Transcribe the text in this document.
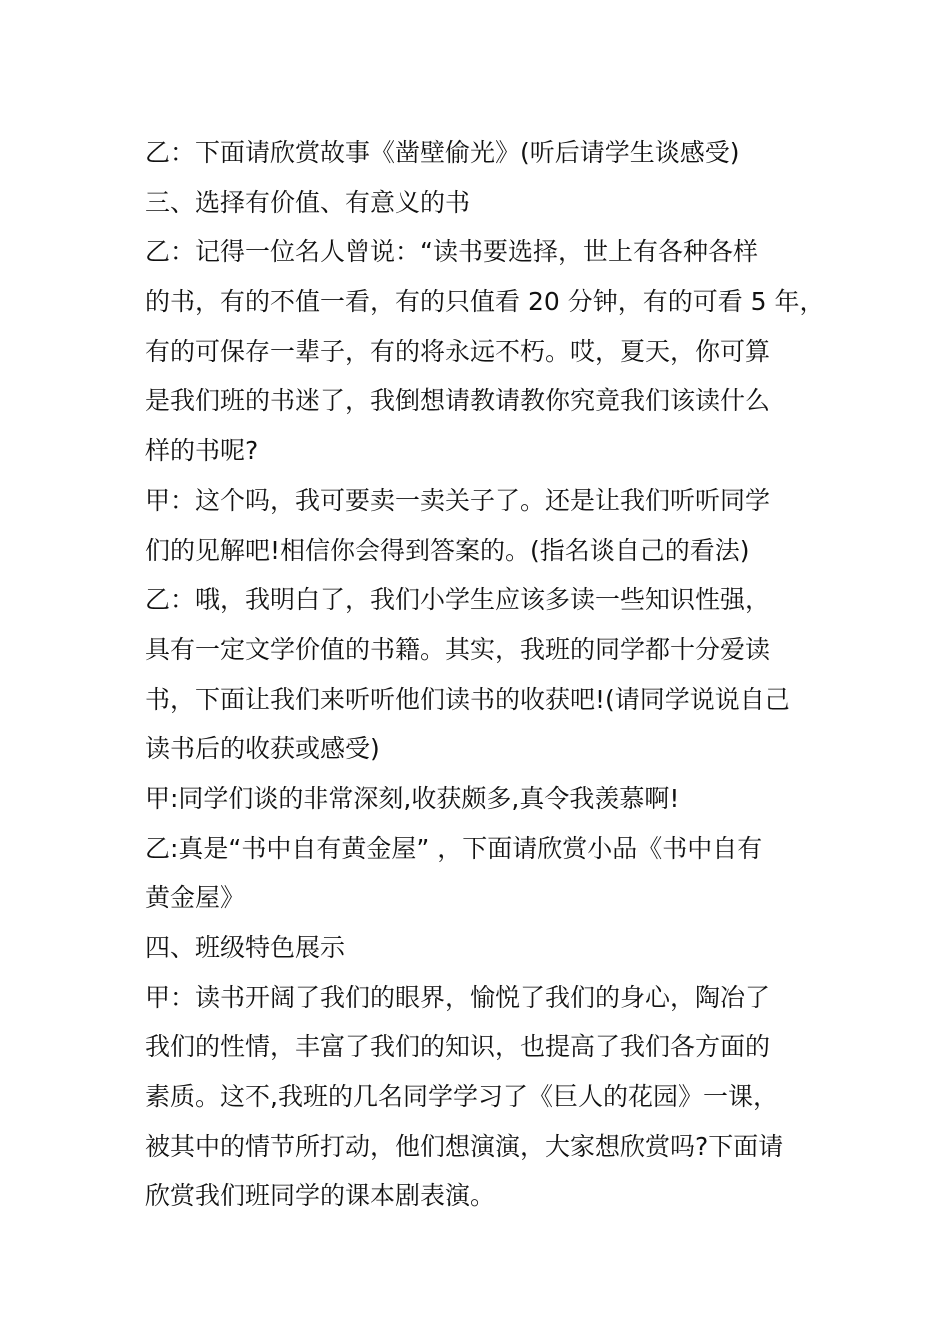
乙：下面请欣赏故事《凿壁偷光》(听后请学生谈感受)
三、选择有价值、有意义的书
乙：记得一位名人曾说：“读书要选择，世上有各种各样
的书，有的不值一看，有的只值看 20 分钟，有的可看 5 年，
有的可保存一辈子，有的将永远不朽。哎，夏天，你可算
是我们班的书迷了，我倒想请教请教你究竟我们该读什么
样的书呢?
甲：这个吗，我可要卖一卖关子了。还是让我们听听同学
们的见解吧!相信你会得到答案的。(指名谈自己的看法)
乙：哦，我明白了，我们小学生应该多读一些知识性强，
具有一定文学价值的书籍。其实，我班的同学都十分爱读
书，下面让我们来听听他们读书的收获吧!(请同学说说自己
读书后的收获或感受)
甲:同学们谈的非常深刻,收获颇多,真令我羡慕啊!
乙:真是“书中自有黄金屋” ，下面请欣赏小品《书中自有
黄金屋》
四、班级特色展示
甲：读书开阔了我们的眼界，愉悦了我们的身心，陶冶了
我们的性情，丰富了我们的知识，也提高了我们各方面的
素质。这不,我班的几名同学学习了《巨人的花园》一课，
被其中的情节所打动，他们想演演，大家想欣赏吗?下面请
欣赏我们班同学的课本剧表演。
